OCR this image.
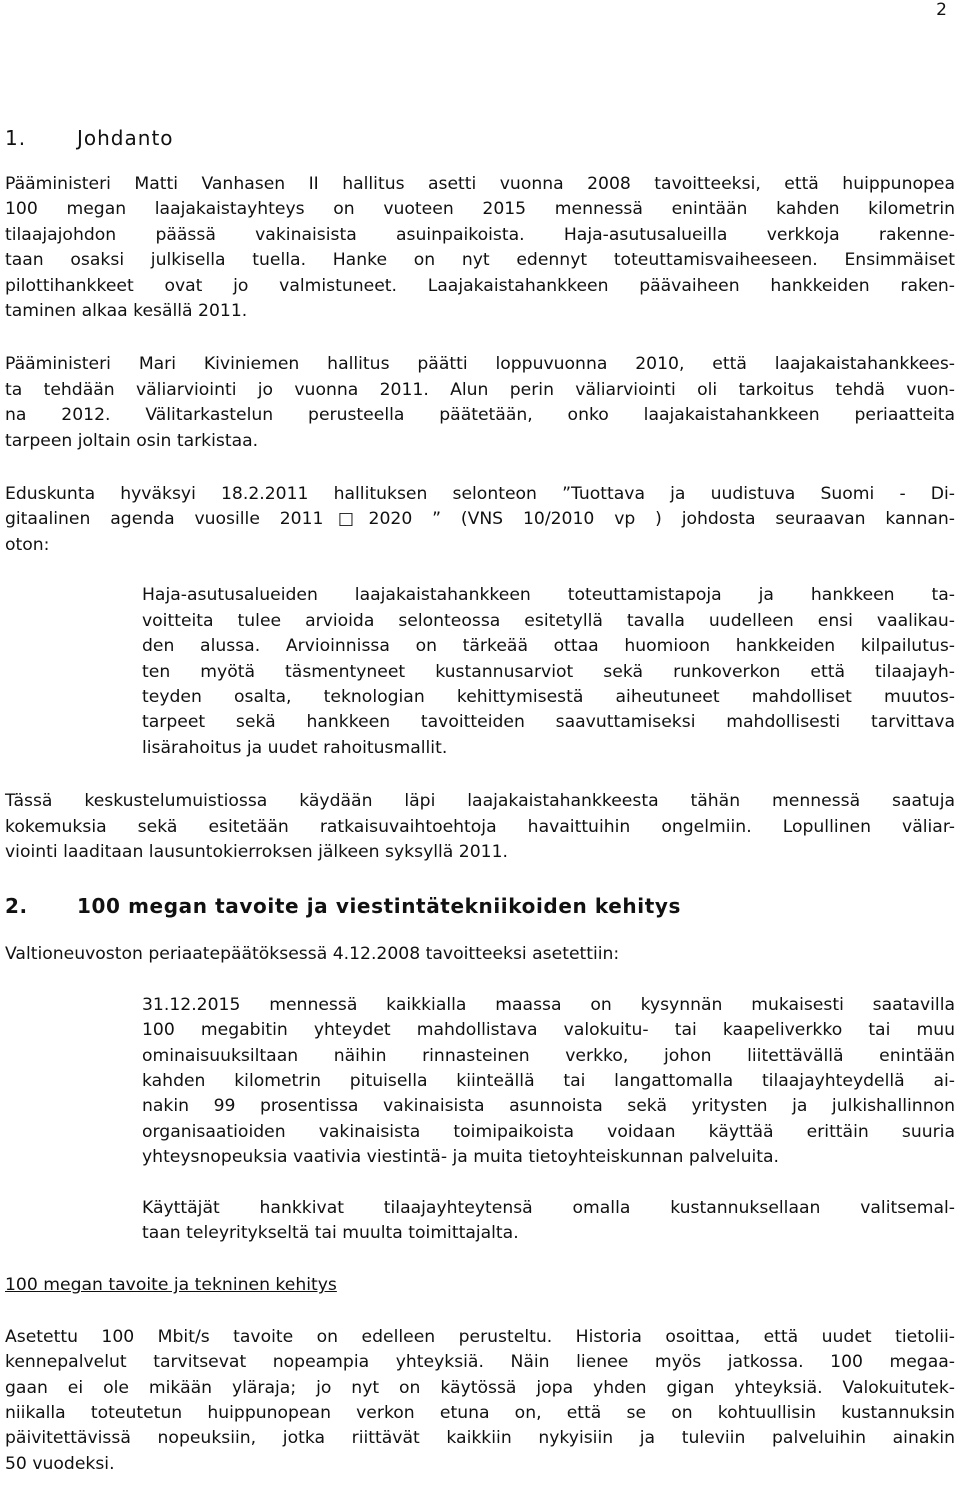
2
1.	Johdanto

Pääministeri Matti Vanhasen II hallitus asetti vuonna 2008 tavoitteeksi, että huippunopea
100 megan laajakaistayhteys on vuoteen 2015 mennessä enintään kahden kilometrin
tilaajajohdon päässä vakinaisista asuinpaikoista. Haja-asutusalueilla verkkoja rakenne-
taan osaksi julkisella tuella. Hanke on nyt edennyt toteuttamisvaiheeseen. Ensimmäiset
pilottihankkeet ovat jo valmistuneet. Laajakaistahankkeen päävaiheen hankkeiden raken-
taminen alkaa kesällä 2011.

Pääministeri Mari Kiviniemen hallitus päätti loppuvuonna 2010, että laajakaistahankkees-
ta tehdään väliarviointi jo vuonna 2011. Alun perin väliarviointi oli tarkoitus tehdä vuon-
na 2012. Välitarkastelun perusteella päätetään, onko laajakaistahankkeen periaatteita
tarpeen joltain osin tarkistaa.

Eduskunta hyväksyi 18.2.2011 hallituksen selonteon ”Tuottava ja uudistuva Suomi - Di-
gitaalinen agenda vuosille 2011□2020 ” (VNS 10/2010 vp ) johdosta seuraavan kannan-
oton:

Haja-asutusalueiden laajakaistahankkeen toteuttamistapoja ja hankkeen ta-
voitteita tulee arvioida selonteossa esitetyllä tavalla uudelleen ensi vaalikau-
den alussa. Arvioinnissa on tärkeää ottaa huomioon hankkeiden kilpailutus-
ten myötä täsmentyneet kustannusarviot sekä runkoverkon että tilaajayh-
teyden osalta, teknologian kehittymisestä aiheutuneet mahdolliset muutos-
tarpeet sekä hankkeen tavoitteiden saavuttamiseksi mahdollisesti tarvittava
lisärahoitus ja uudet rahoitusmallit.

Tässä keskustelumuistiossa käydään läpi laajakaistahankkeesta tähän mennessä saatuja
kokemuksia sekä esitetään ratkaisuvaihtoehtoja havaittuihin ongelmiin. Lopullinen väliar-
viointi laaditaan lausuntokierroksen jälkeen syksyllä 2011.

2.	100 megan tavoite ja viestintätekniikoiden kehitys

Valtioneuvoston periaatepäätöksessä 4.12.2008 tavoitteeksi asetettiin:

31.12.2015 mennessä kaikkialla maassa on kysynnän mukaisesti saatavilla
100 megabitin yhteydet mahdollistava valokuitu- tai kaapeliverkko tai muu
ominaisuuksiltaan näihin rinnasteinen verkko, johon liitettävällä enintään
kahden kilometrin pituisella kiinteällä tai langattomalla tilaajayhteydellä ai-
nakin 99 prosentissa vakinaisista asunnoista sekä yritysten ja julkishallinnon
organisaatioiden vakinaisista toimipaikoista voidaan käyttää erittäin suuria
yhteysnopeuksia vaativia viestintä- ja muita tietoyhteiskunnan palveluita.

Käyttäjät hankkivat tilaajayhteytensä omalla kustannuksellaan valitsemal-
taan teleyritykseltä tai muulta toimittajalta.

100 megan tavoite ja tekninen kehitys

Asetettu 100 Mbit/s tavoite on edelleen perusteltu. Historia osoittaa, että uudet tietolii-
kennepalvelut tarvitsevat nopeampia yhteyksiä. Näin lienee myös jatkossa. 100 megaa-
gaan ei ole mikään yläraja; jo nyt on käytössä jopa yhden gigan yhteyksiä. Valokuitutek-
niikalla toteutetun huippunopean verkon etuna on, että se on kohtuullisin kustannuksin
päivitettävissä nopeuksiin, jotka riittävät kaikkiin nykyisiin ja tuleviin palveluihin ainakin
50 vuodeksi.
